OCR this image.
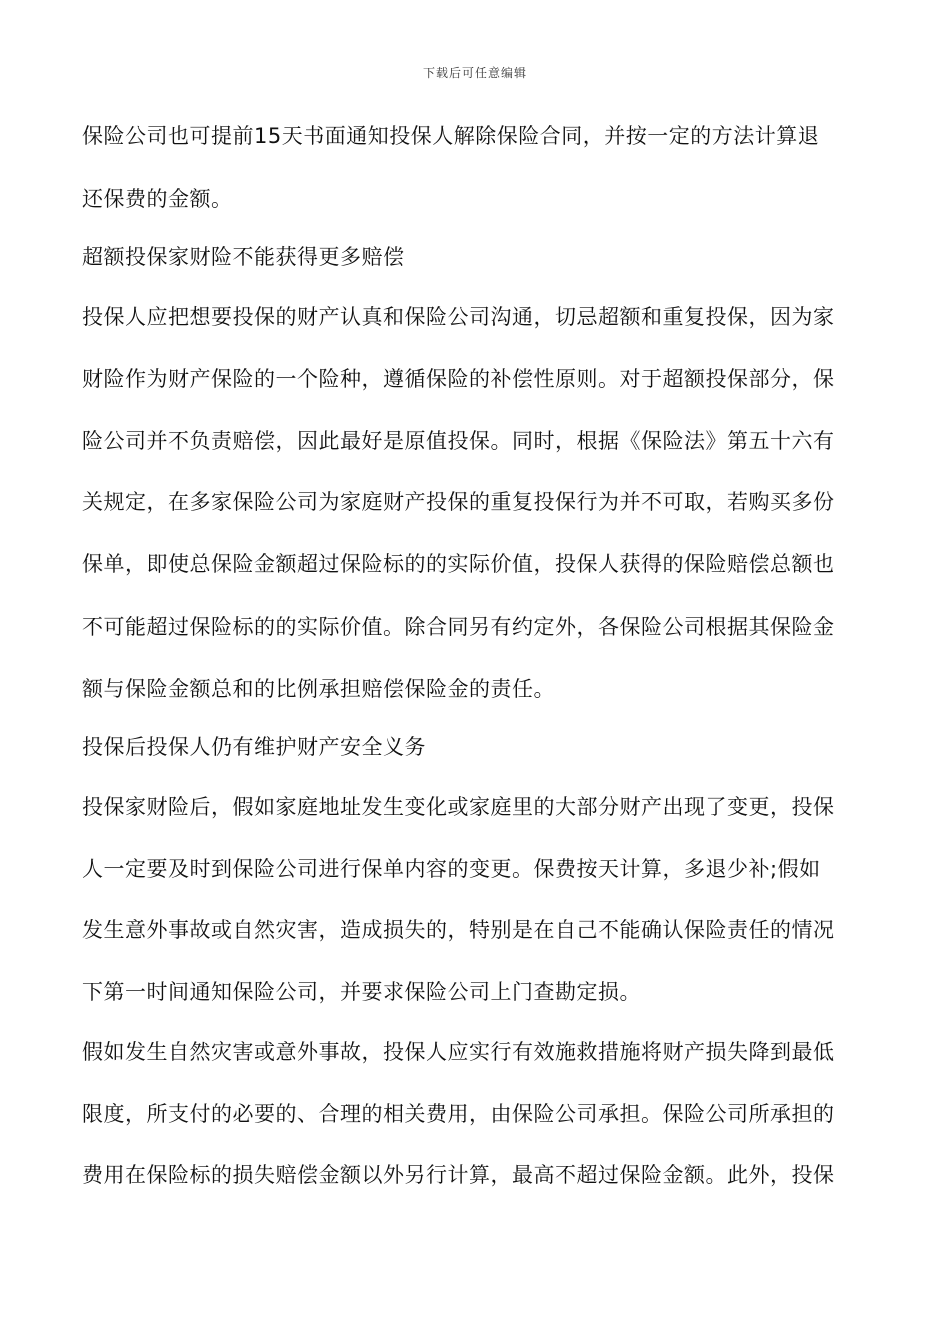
下载后可任意编辑
保险公司也可提前15天书面通知投保人解除保险合同，并按一定的方法计算退
还保费的金额。
超额投保家财险不能获得更多赔偿
投保人应把想要投保的财产认真和保险公司沟通，切忌超额和重复投保，因为家
财险作为财产保险的一个险种，遵循保险的补偿性原则。对于超额投保部分，保
险公司并不负责赔偿，因此最好是原值投保。同时，根据《保险法》第五十六有
关规定，在多家保险公司为家庭财产投保的重复投保行为并不可取，若购买多份
保单，即使总保险金额超过保险标的的实际价值，投保人获得的保险赔偿总额也
不可能超过保险标的的实际价值。除合同另有约定外，各保险公司根据其保险金
额与保险金额总和的比例承担赔偿保险金的责任。
投保后投保人仍有维护财产安全义务
投保家财险后，假如家庭地址发生变化或家庭里的大部分财产出现了变更，投保
人一定要及时到保险公司进行保单内容的变更。保费按天计算，多退少补;假如
发生意外事故或自然灾害，造成损失的，特别是在自己不能确认保险责任的情况
下第一时间通知保险公司，并要求保险公司上门查勘定损。
假如发生自然灾害或意外事故，投保人应实行有效施救措施将财产损失降到最低
限度，所支付的必要的、合理的相关费用，由保险公司承担。保险公司所承担的
费用在保险标的损失赔偿金额以外另行计算，最高不超过保险金额。此外，投保
